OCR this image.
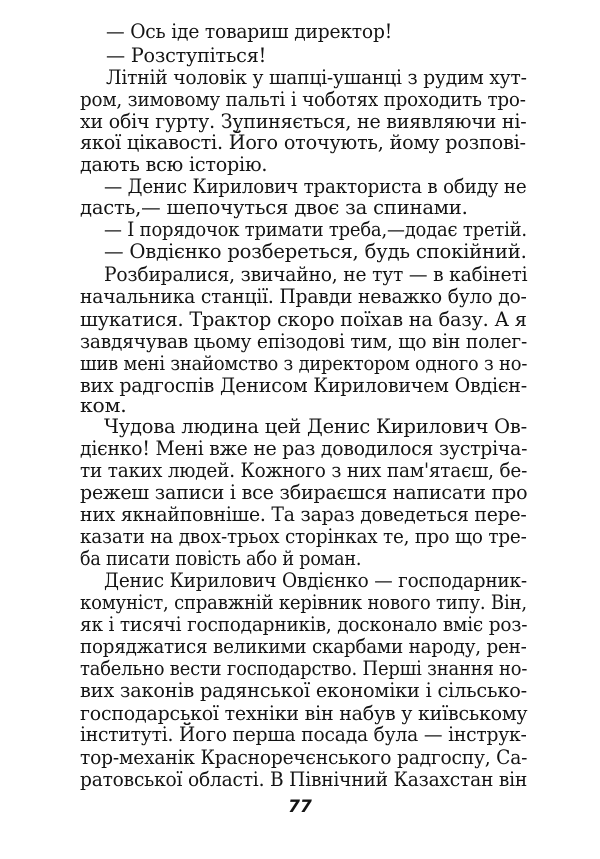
— Ось іде товариш директор!
— Розступіться!
Літній чоловік у шапці-ушанці з рудим хут-
ром, зимовому пальті і чоботях проходить тро-
хи обіч гурту. Зупиняється, не виявляючи ні-
якої цікавості. Його оточують, йому розпові-
дають всю історію.
— Денис Кирилович тракториста в обиду не
дасть,— шепочуться двоє за спинами.
— І порядочок тримати треба,—додає третій.
— Овдієнко розбереться, будь спокійний.
Розбиралися, звичайно, не тут — в кабінеті
начальника станції. Правди неважко було до-
шукатися. Трактор скоро поїхав на базу. А я
завдячував цьому епізодові тим, що він полег-
шив мені знайомство з директором одного з но-
вих радгоспів Денисом Кириловичем Овдієн-
ком.
Чудова людина цей Денис Кирилович Ов-
дієнко! Мені вже не раз доводилося зустріча-
ти таких людей. Кожного з них пам'ятаєш, бе-
режеш записи і все збираєшся написати про
них якнайповніше. Та зараз доведеться пере-
казати на двох-трьох сторінках те, про що тре-
ба писати повість або й роман.
Денис Кирилович Овдієнко — господарник-
комуніст, справжній керівник нового типу. Він,
як і тисячі господарників, досконало вміє роз-
поряджатися великими скарбами народу, рен-
табельно вести господарство. Перші знання но-
вих законів радянської економіки і сільсько-
господарської техніки він набув у київському
інституті. Його перша посада була — інструк-
тор-механік Красноречєнського радгоспу, Са-
ратовської області. В Північний Казахстан він
77
